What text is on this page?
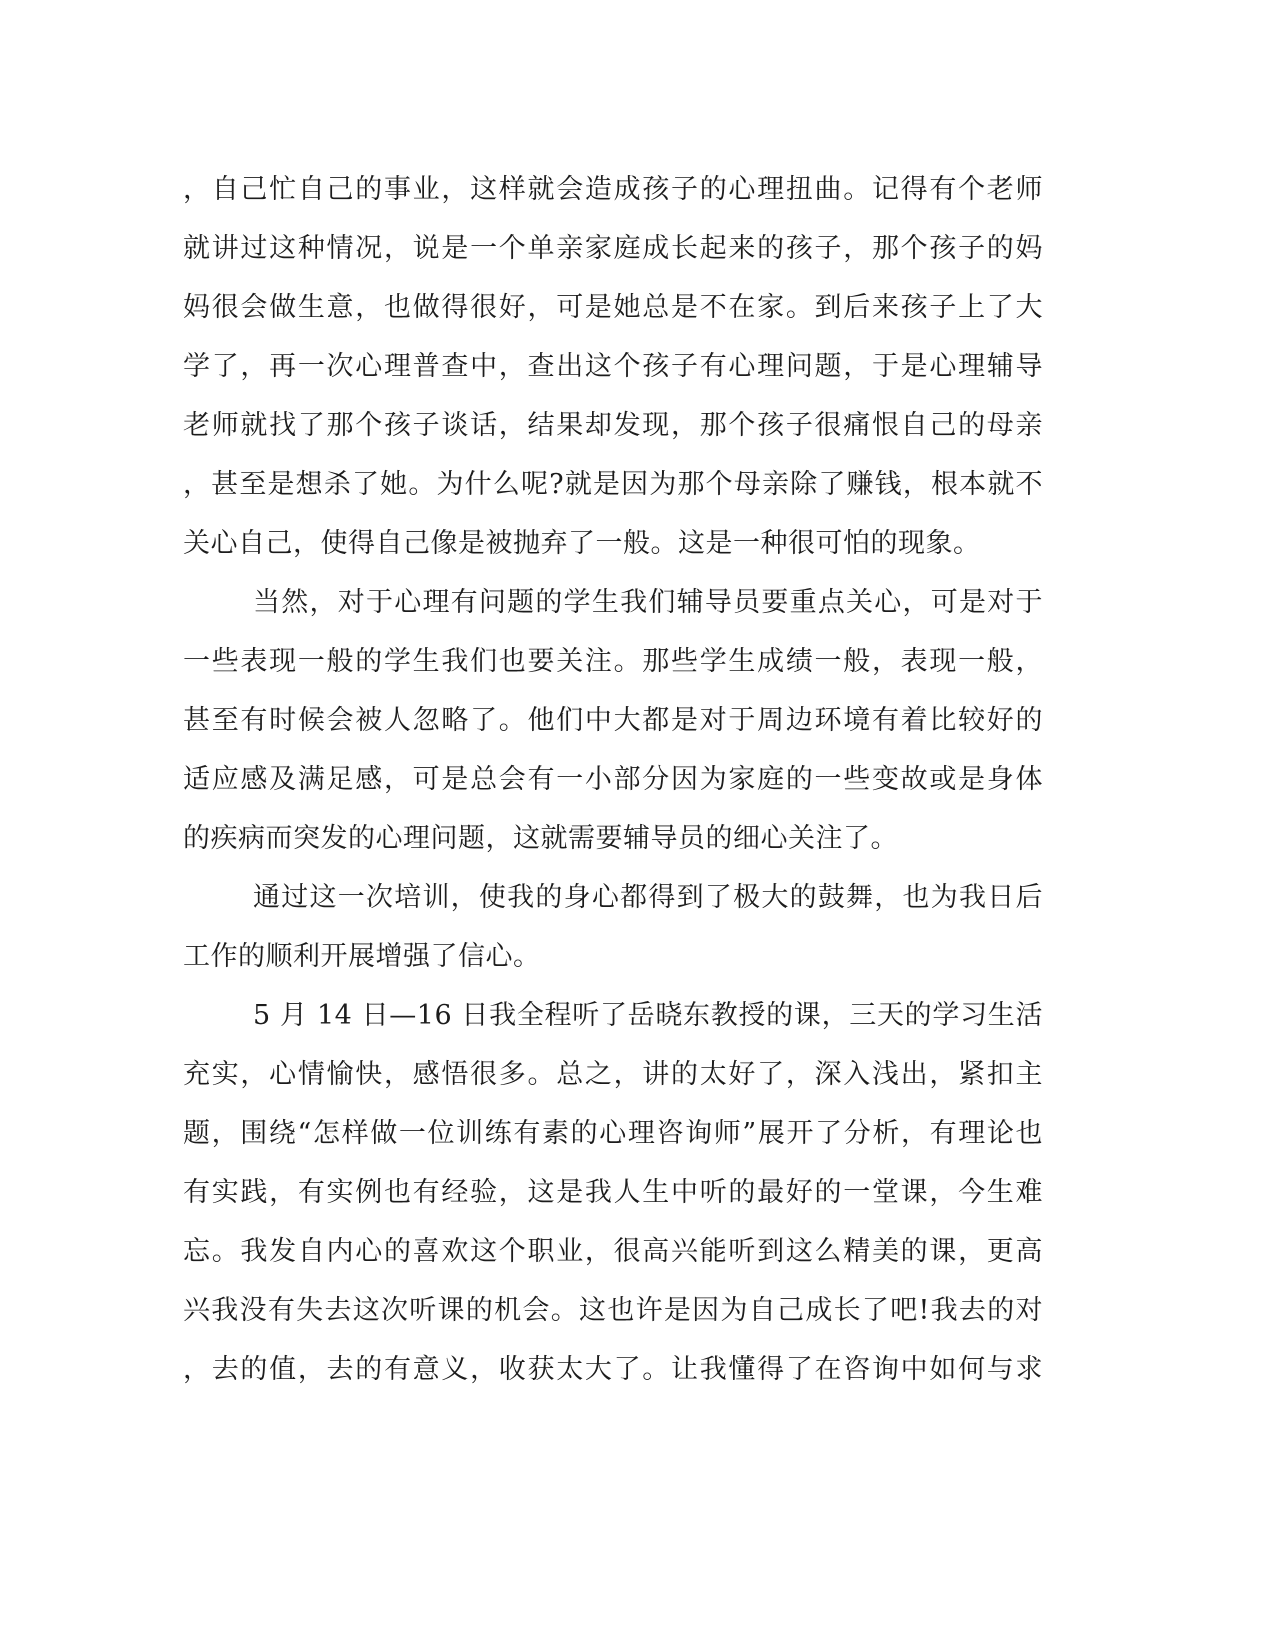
，自己忙自己的事业，这样就会造成孩子的心理扭曲。记得有个老师
就讲过这种情况，说是一个单亲家庭成长起来的孩子，那个孩子的妈
妈很会做生意，也做得很好，可是她总是不在家。到后来孩子上了大
学了，再一次心理普查中，查出这个孩子有心理问题，于是心理辅导
老师就找了那个孩子谈话，结果却发现，那个孩子很痛恨自己的母亲
，甚至是想杀了她。为什么呢?就是因为那个母亲除了赚钱，根本就不
关心自己，使得自己像是被抛弃了一般。这是一种很可怕的现象。
当然，对于心理有问题的学生我们辅导员要重点关心，可是对于
一些表现一般的学生我们也要关注。那些学生成绩一般，表现一般，
甚至有时候会被人忽略了。他们中大都是对于周边环境有着比较好的
适应感及满足感，可是总会有一小部分因为家庭的一些变故或是身体
的疾病而突发的心理问题，这就需要辅导员的细心关注了。
通过这一次培训，使我的身心都得到了极大的鼓舞，也为我日后
工作的顺利开展增强了信心。
5 月 14 日—16 日我全程听了岳晓东教授的课，三天的学习生活
充实，心情愉快，感悟很多。总之，讲的太好了，深入浅出，紧扣主
题，围绕“怎样做一位训练有素的心理咨询师”展开了分析，有理论也
有实践，有实例也有经验，这是我人生中听的最好的一堂课，今生难
忘。我发自内心的喜欢这个职业，很高兴能听到这么精美的课，更高
兴我没有失去这次听课的机会。这也许是因为自己成长了吧!我去的对
，去的值，去的有意义，收获太大了。让我懂得了在咨询中如何与求
